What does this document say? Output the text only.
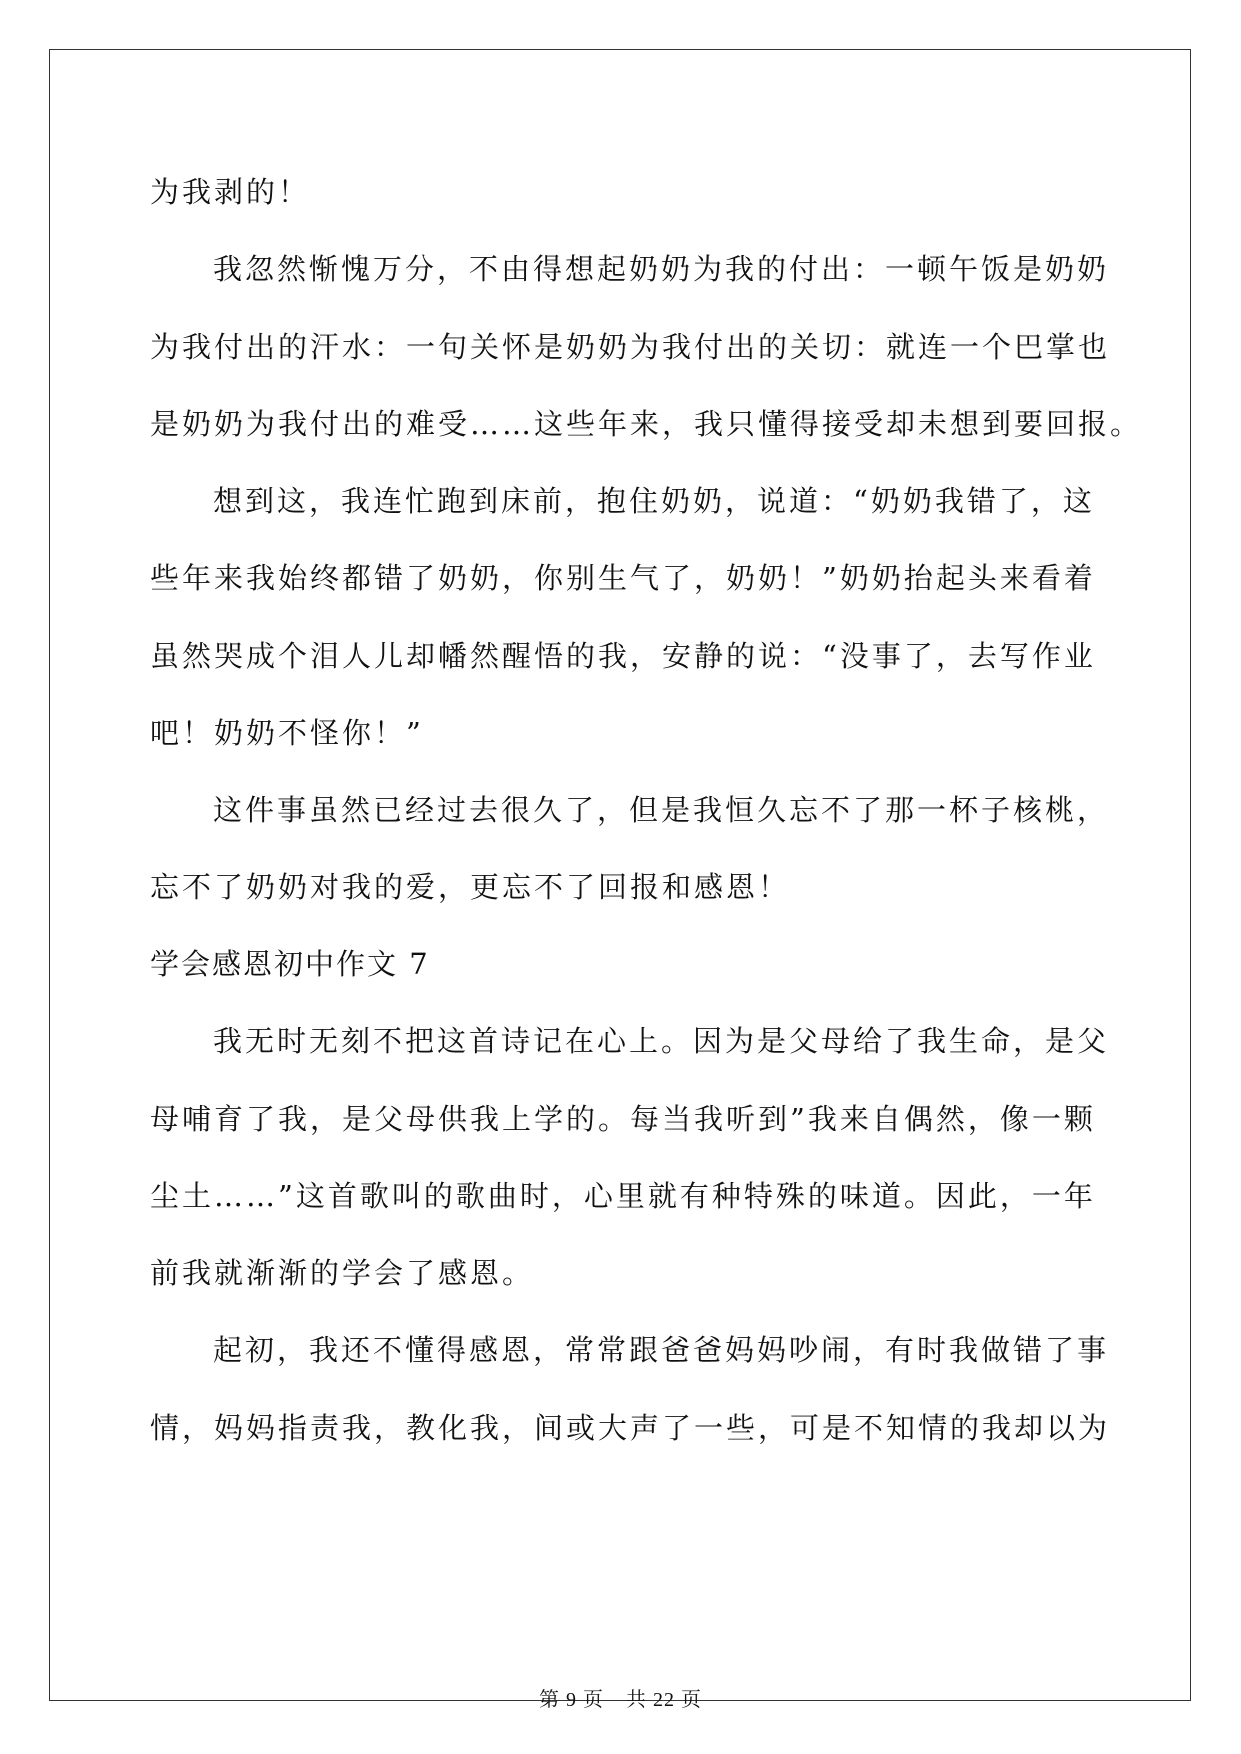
为我剥的！
我忽然惭愧万分，不由得想起奶奶为我的付出：一顿午饭是奶奶
为我付出的汗水：一句关怀是奶奶为我付出的关切：就连一个巴掌也
是奶奶为我付出的难受……这些年来，我只懂得接受却未想到要回报。
想到这，我连忙跑到床前，抱住奶奶，说道：“奶奶我错了，这
些年来我始终都错了奶奶，你别生气了，奶奶！”奶奶抬起头来看着
虽然哭成个泪人儿却幡然醒悟的我，安静的说：“没事了，去写作业
吧！奶奶不怪你！”
这件事虽然已经过去很久了，但是我恒久忘不了那一杯子核桃，
忘不了奶奶对我的爱，更忘不了回报和感恩！
学会感恩初中作文 7
我无时无刻不把这首诗记在心上。因为是父母给了我生命，是父
母哺育了我，是父母供我上学的。每当我听到”我来自偶然，像一颗
尘土……”这首歌叫的歌曲时，心里就有种特殊的味道。因此，一年
前我就渐渐的学会了感恩。
起初，我还不懂得感恩，常常跟爸爸妈妈吵闹，有时我做错了事
情，妈妈指责我，教化我，间或大声了一些，可是不知情的我却以为
第 9 页 共 22 页
